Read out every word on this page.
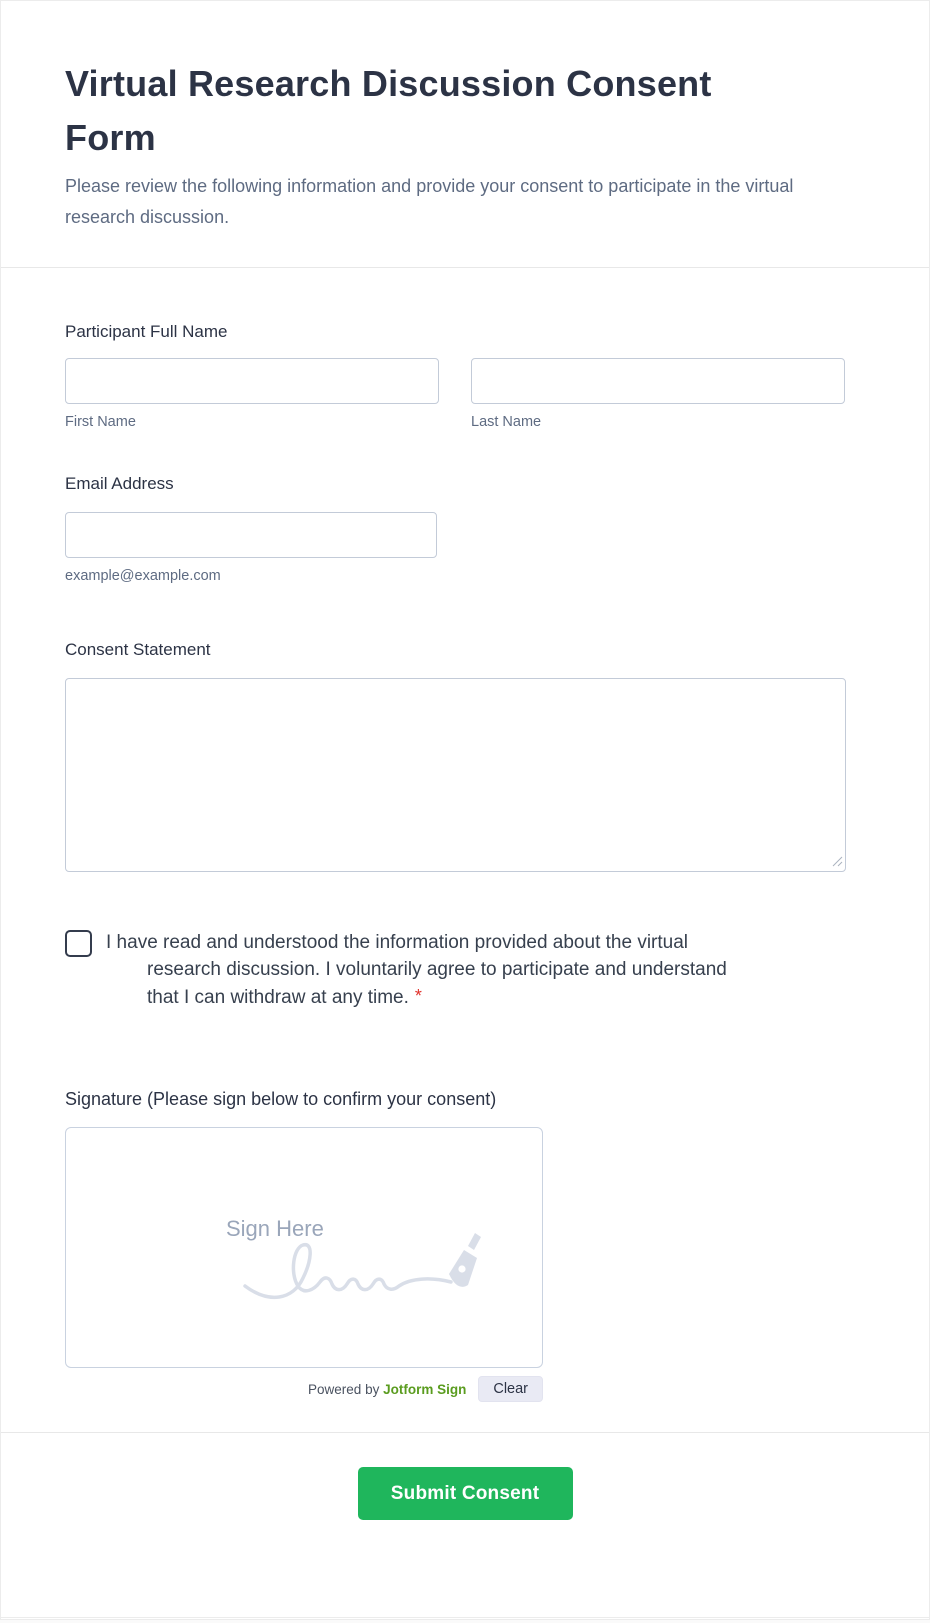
Virtual Research Discussion Consent Form

Please review the following information and provide your consent to participate in the virtual research discussion.

Participant Full Name
First Name	Last Name
Email Address
example@example.com
Consent Statement
I have read and understood the information provided about the virtual research discussion. I voluntarily agree to participate and understand that I can withdraw at any time. *
Signature (Please sign below to confirm your consent)
Sign Here
Powered by Jotform Sign	Clear
Submit Consent
